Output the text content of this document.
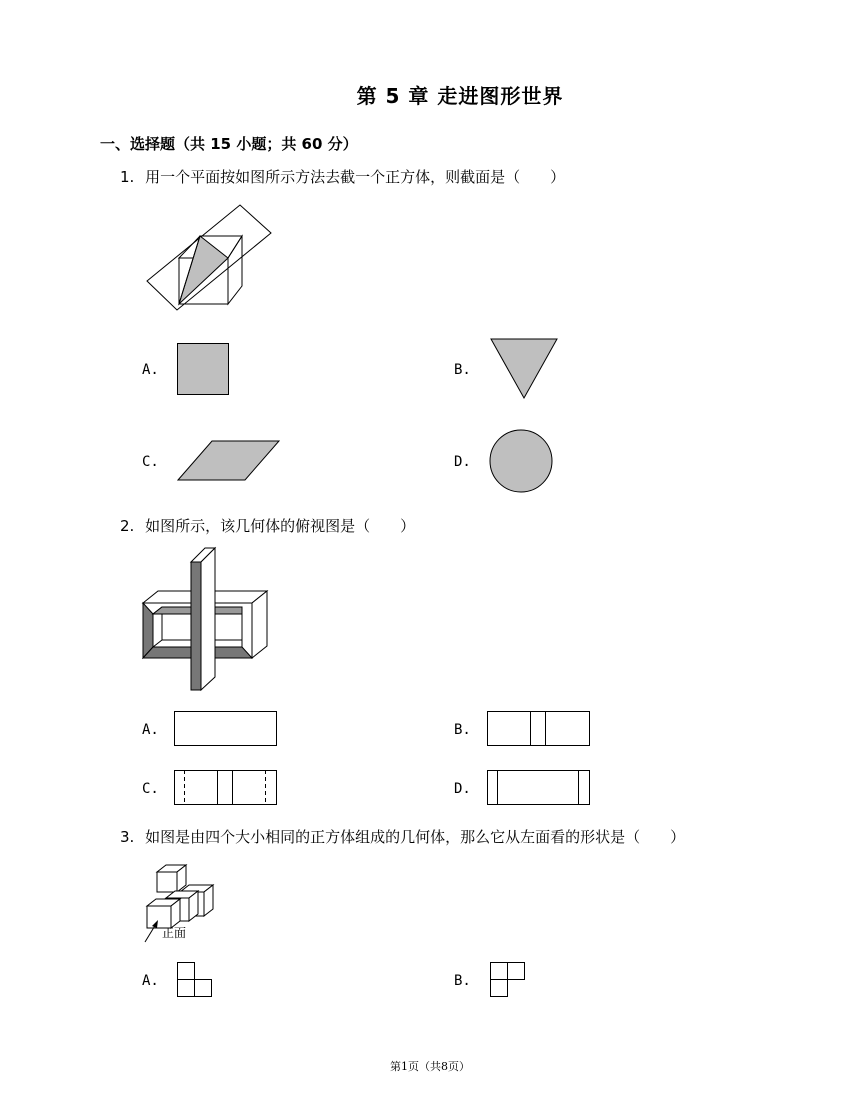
第 5 章 走进图形世界
一、选择题（共 15 小题；共 60 分）
1. 用一个平面按如图所示方法去截一个正方体，则截面是（　　）
A.	B.
C.	D.
2. 如图所示，该几何体的俯视图是（　　）
A.	B.
C.	D.
3. 如图是由四个大小相同的正方体组成的几何体，那么它从左面看的形状是（　　）
正面
A.	B.
第1页（共8页）
